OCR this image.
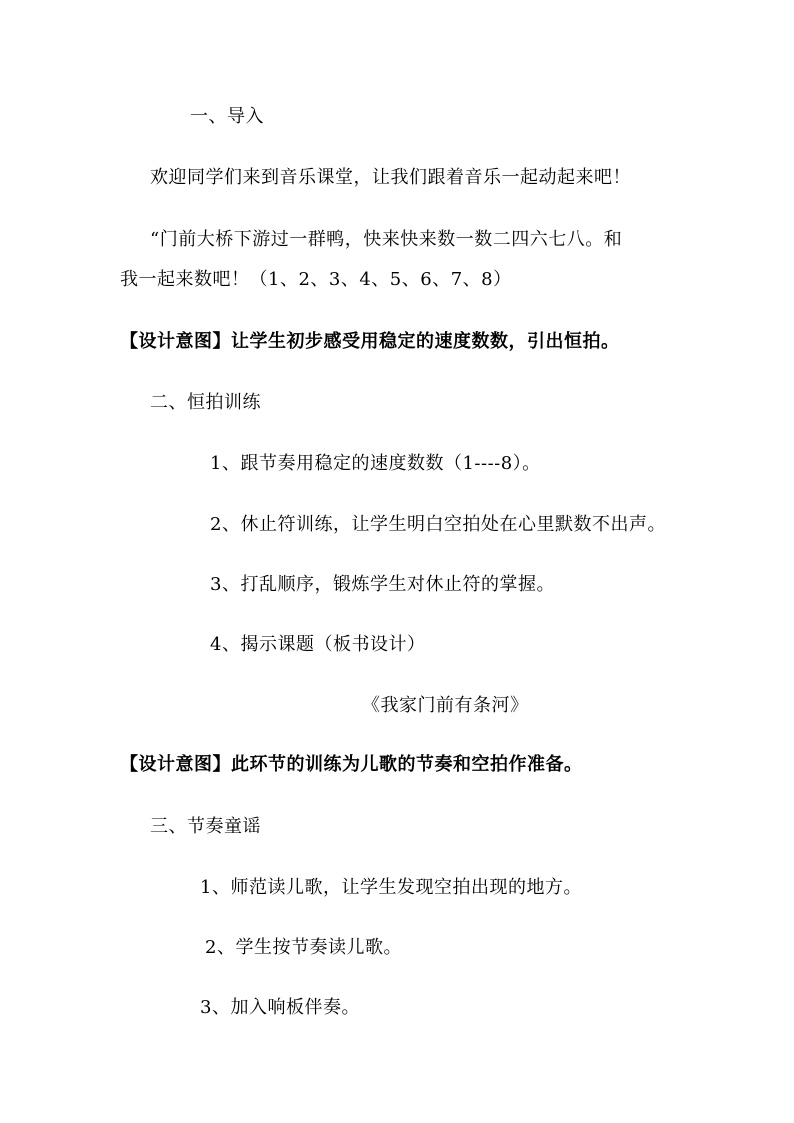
一、导入
欢迎同学们来到音乐课堂，让我们跟着音乐一起动起来吧！
“门前大桥下游过一群鸭，快来快来数一数二四六七八。和
我一起来数吧！（1、2、3、4、5、6、7、8）
【设计意图】让学生初步感受用稳定的速度数数，引出恒拍。
二、恒拍训练
1、跟节奏用稳定的速度数数（1----8）。
2、休止符训练，让学生明白空拍处在心里默数不出声。
3、打乱顺序，锻炼学生对休止符的掌握。
4、揭示课题（板书设计）
《我家门前有条河》
【设计意图】此环节的训练为儿歌的节奏和空拍作准备。
三、节奏童谣
1、师范读儿歌，让学生发现空拍出现的地方。
2、学生按节奏读儿歌。
3、加入响板伴奏。
